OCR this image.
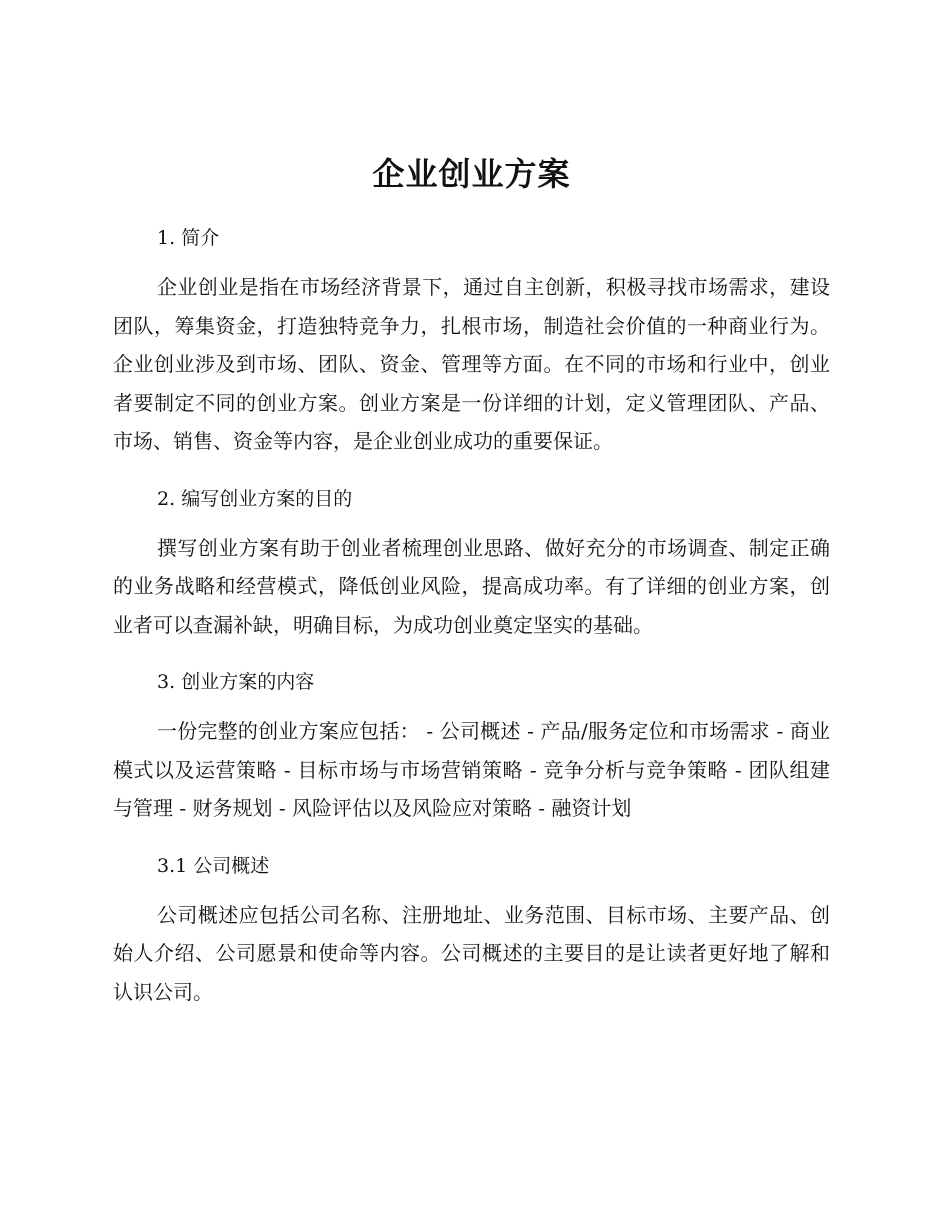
企业创业方案
1. 简介

企业创业是指在市场经济背景下，通过自主创新，积极寻找市场需求，建设团队，筹集资金，打造独特竞争力，扎根市场，制造社会价值的一种商业行为。企业创业涉及到市场、团队、资金、管理等方面。在不同的市场和行业中，创业者要制定不同的创业方案。创业方案是一份详细的计划，定义管理团队、产品、市场、销售、资金等内容，是企业创业成功的重要保证。

2. 编写创业方案的目的

撰写创业方案有助于创业者梳理创业思路、做好充分的市场调查、制定正确的业务战略和经营模式，降低创业风险，提高成功率。有了详细的创业方案，创业者可以查漏补缺，明确目标，为成功创业奠定坚实的基础。

3. 创业方案的内容

一份完整的创业方案应包括： - 公司概述 - 产品/服务定位和市场需求 - 商业模式以及运营策略 - 目标市场与市场营销策略 - 竞争分析与竞争策略 - 团队组建与管理 - 财务规划 - 风险评估以及风险应对策略 - 融资计划

3.1 公司概述

公司概述应包括公司名称、注册地址、业务范围、目标市场、主要产品、创始人介绍、公司愿景和使命等内容。公司概述的主要目的是让读者更好地了解和认识公司。
